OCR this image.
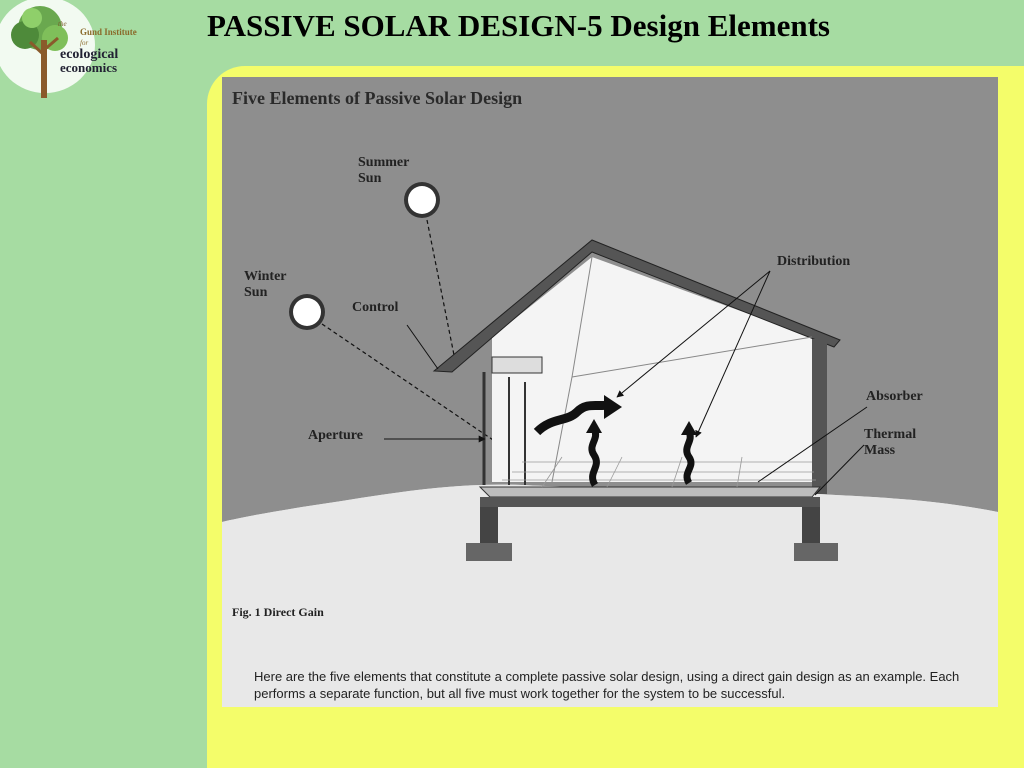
the
Gund Institute
for
ecological
economics
PASSIVE SOLAR DESIGN-5 Design Elements
Five Elements of Passive Solar Design
Summer
Sun
Winter
Sun
Control
Aperture
Distribution
Absorber
Thermal
Mass
Fig. 1 Direct Gain

Here are the five elements that constitute a complete passive solar design, using a direct gain design as an example. Each performs a separate function, but all five must work together for the system to be successful.
